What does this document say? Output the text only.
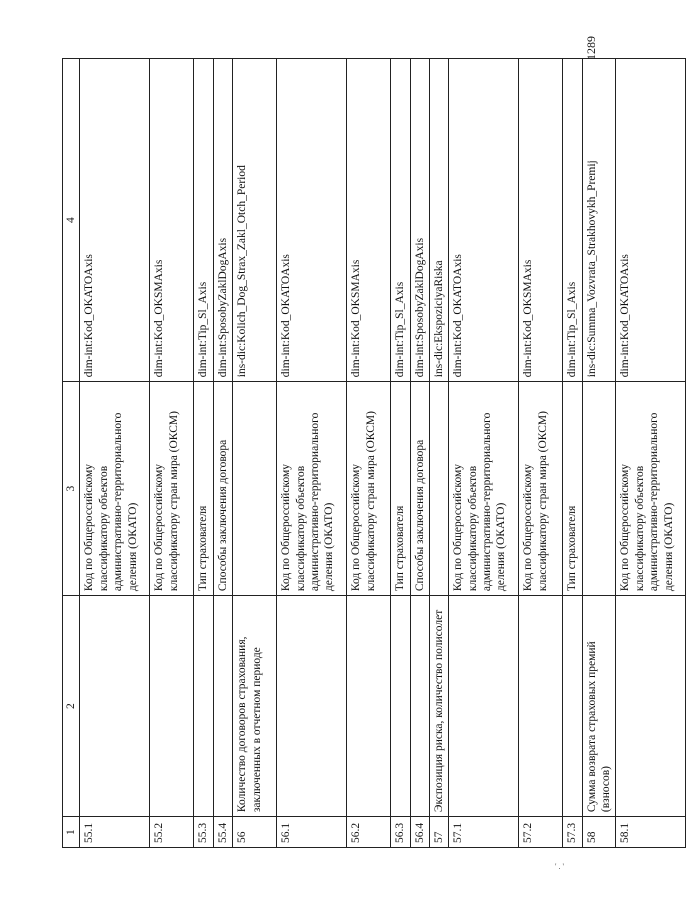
1	2	3	4
55.1		Код по Общероссийскому классификатору объектов административно-территориального деления (ОКАТО)	dim-int:Kod_OKATOAxis
55.2		Код по Общероссийскому классификатору стран мира (ОКСМ)	dim-int:Kod_OKSMAxis
55.3		Тип страхователя	dim-int:Tip_Sl_Axis
55.4		Способы заключения договора	dim-int:SposobyZaklDogAxis
56	Количество договоров страхования, заключенных в отчетном периоде		ins-dic:Kolich_Dog_Strax_Zakl_Otch_Period
56.1		Код по Общероссийскому классификатору объектов административно-территориального деления (ОКАТО)	dim-int:Kod_OKATOAxis
56.2		Код по Общероссийскому классификатору стран мира (ОКСМ)	dim-int:Kod_OKSMAxis
56.3		Тип страхователя	dim-int:Tip_Sl_Axis
56.4		Способы заключения договора	dim-int:SposobyZaklDogAxis
57	Экспозиция риска, количество полисолет		ins-dic:EkspoziciyaRiska
57.1		Код по Общероссийскому классификатору объектов административно-территориального деления (ОКАТО)	dim-int:Kod_OKATOAxis
57.2		Код по Общероссийскому классификатору стран мира (ОКСМ)	dim-int:Kod_OKSMAxis
57.3		Тип страхователя	dim-int:Tip_Sl_Axis
58	Сумма возврата страховых премий (взносов)		ins-dic:Summa_Vozvrata_Strakhovykh_Premij
58.1		Код по Общероссийскому классификатору объектов административно-территориального деления (ОКАТО)	dim-int:Kod_OKATOAxis
1289
' . '
